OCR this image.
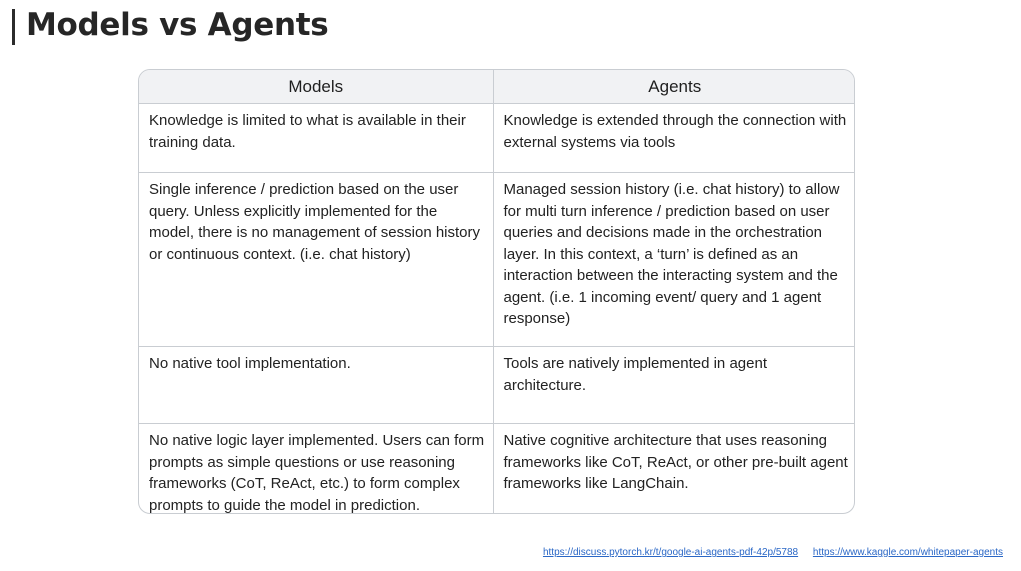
Models vs Agents
Models	Agents
Knowledge is limited to what is available in their training data.	Knowledge is extended through the connection with external systems via tools
Single inference / prediction based on the user query. Unless explicitly implemented for the model, there is no management of session history or continuous context. (i.e. chat history)	Managed session history (i.e. chat history) to allow for multi turn inference / prediction based on user queries and decisions made in the orchestration layer. In this context, a ‘turn’ is defined as an interaction between the interacting system and the agent. (i.e. 1 incoming event/ query and 1 agent response)
No native tool implementation.	Tools are natively implemented in agent architecture.
No native logic layer implemented. Users can form prompts as simple questions or use reasoning frameworks (CoT, ReAct, etc.) to form complex prompts to guide the model in prediction.	Native cognitive architecture that uses reasoning frameworks like CoT, ReAct, or other pre-built agent frameworks like LangChain.
https://discuss.pytorch.kr/t/google-ai-agents-pdf-42p/5788 https://www.kaggle.com/whitepaper-agents
